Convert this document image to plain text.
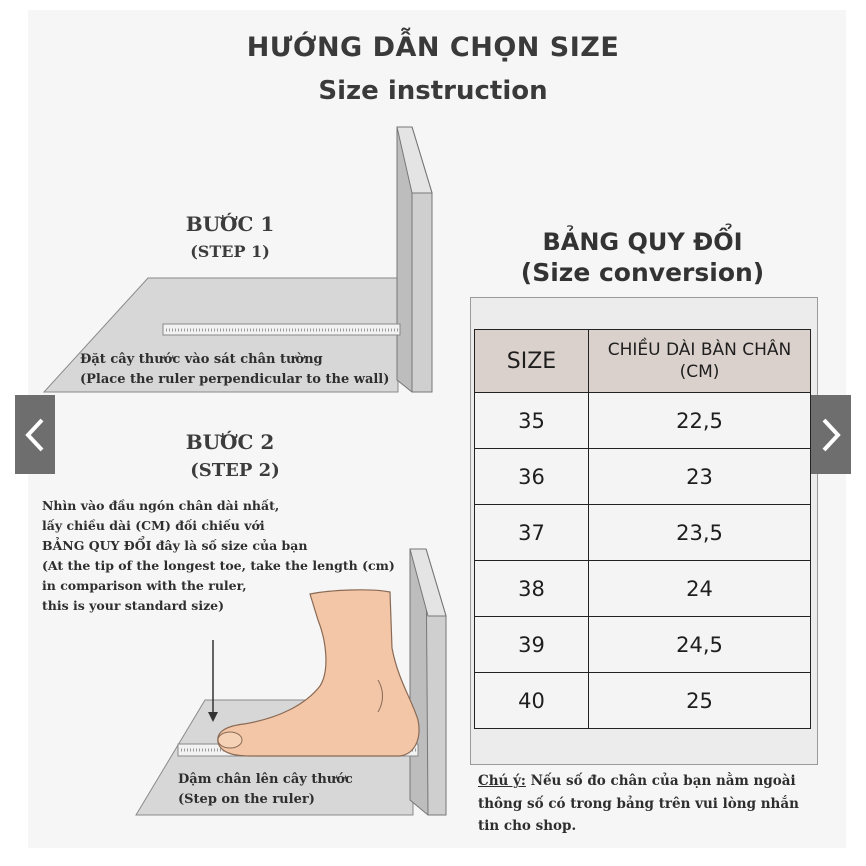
HƯỚNG DẪN CHỌN SIZE
Size instruction
BƯỚC 1
(STEP 1)
Đặt cây thước vào sát chân tường
(Place the ruler perpendicular to the wall)
BƯỚC 2
(STEP 2)
Nhìn vào đầu ngón chân dài nhất,
lấy chiều dài (CM) đối chiếu với
BẢNG QUY ĐỔI đây là số size của bạn
(At the tip of the longest toe, take the length (cm)
in comparison with the ruler,
this is your standard size)
Dậm chân lên cây thước
(Step on the ruler)
BẢNG QUY ĐỔI
(Size conversion)
SIZE	CHIỀU DÀI BÀN CHÂN
(CM)

35	22,5
36	23
37	23,5
38	24
39	24,5
40	25
Chú ý: Nếu số đo chân của bạn nằm ngoài thông số có trong bảng trên vui lòng nhắn tin cho shop.
